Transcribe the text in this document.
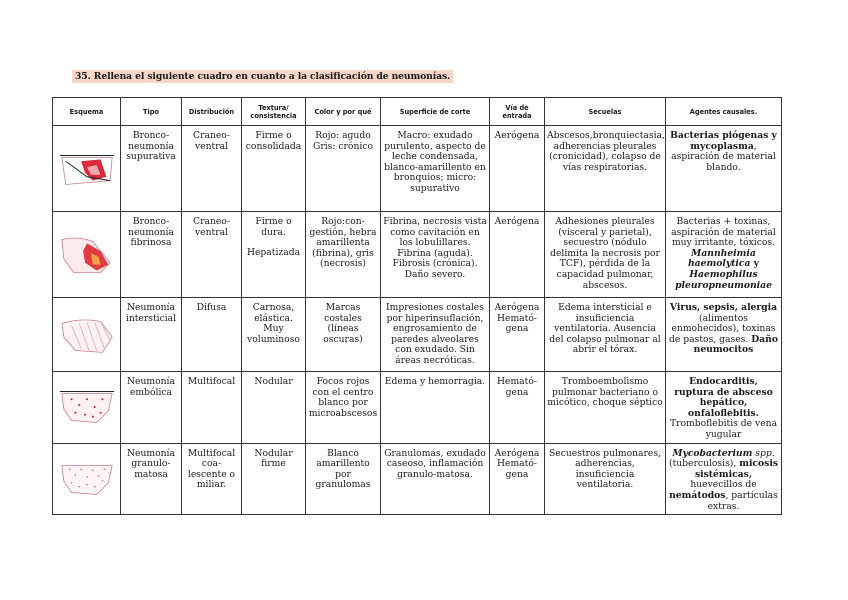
35. Rellena el siguiente cuadro en cuanto a la clasificación de neumonías.
Esquema	Tipo	Distribución	Textura/ consistencia	Color y por qué	Superficie de corte	Vía de entrada	Secuelas	Agentes causales.

	Bronco-neumonía supurativa	Craneo-ventral	Firme o consolidada	Rojo: agudo Gris: crónico	Macro: exudado purulento, aspecto de leche condensada, blanco-amarillento en bronquios; micro: supurativo	Aerógena	Abscesos,bronquiectasia, adherencias pleurales (cronicidad), colapso de vías respiratorias.	Bacterias piógenas y mycoplasma, aspiración de material blando.

	Bronco-neumonía fibrinosa	Craneo-ventral	Firme o dura.
Hepatizada	Rojo:con-gestión, hebra amarillenta (fibrina), gris (necrosis)	Fibrina, necrosis vista como cavitación en los lobulillares. Fibrina (aguda). Fibrosis (crónica). Daño severo.	Aerógena	Adhesiones pleurales (visceral y parietal), secuestro (nódulo delimita la necrosis por TCF), pérdida de la capacidad pulmonar, abscesos.	Bacterias + toxinas, aspiración de material muy irritante, tóxicos. Mannheimia haemolytica y Haemophilus pleuropneumoniae

	Neumonía intersticial	Difusa	Carnosa, elástica. Muy voluminoso	Marcas costales (líneas oscuras)	Impresiones costales por hiperinsuflación, engrosamiento de paredes alveolares con exudado. Sin áreas necróticas.	Aerógena Hemató-gena	Edema intersticial e insuficiencia ventilatoria. Ausencia del colapso pulmonar al abrir el tórax.	Virus, sepsis, alergia (alimentos enmohecidos), toxinas de pastos, gases. Daño neumocitos

	Neumonía embólica	Multifocal	Nodular	Focos rojos con el centro blanco por microabscesos	Edema y hemorragia.	Hemató-gena	Tromboembolismo pulmonar bacteriano o micótico, choque séptico	Endocarditis, ruptura de absceso hepático, onfaloflebitis. Tromboflebitis de vena yugular

	Neumonía granulo-matosa	Multifocal coa-lescente o miliar.	Nodular firme	Blanco amarillento por granulomas	Granulomas, exudado caseoso, inflamación granulo-matosa.	Aerógena Hemató-gena	Secuestros pulmonares, adherencias, insuficiencia ventilatoria.	Mycobacterium spp. (tuberculosis), micosis sistémicas, huevecillos de nemátodos, partículas extras.
